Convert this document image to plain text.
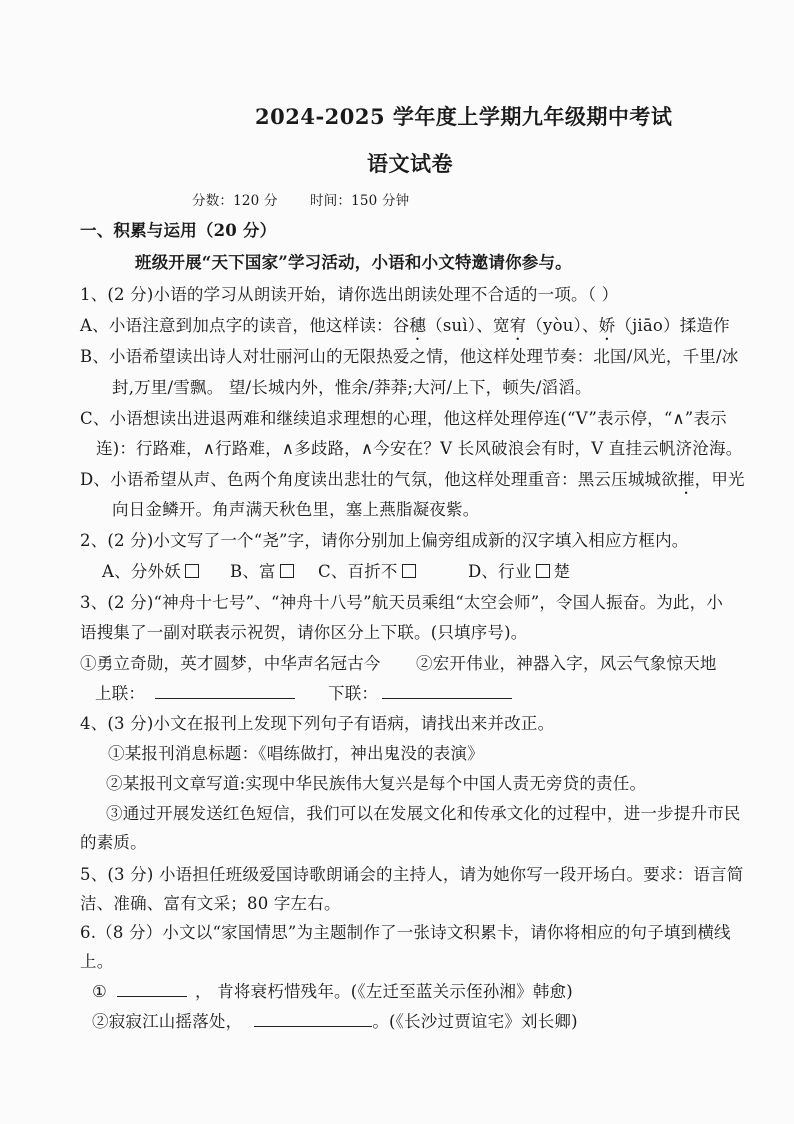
2024-2025 学年度上学期九年级期中考试
语文试卷
分数：120 分 时间：150 分钟
一、积累与运用（20 分）
班级开展“天下国家”学习活动，小语和小文特邀请你参与。
1、(2 分)小语的学习从朗读开始，请你选出朗读处理不合适的一项。（ ）
A、小语注意到加点字的读音，他这样读：谷穗（suì）、宽宥（yòu）、娇（jiāo）揉造作
B、小语希望读出诗人对壮丽河山的无限热爱之情，他这样处理节奏：北国/风光，千里/冰
封,万里/雪飘。 望/长城内外，惟余/莽莽;大河/上下，顿失/滔滔。
C、小语想读出进退两难和继续追求理想的心理，他这样处理停连(“V”表示停，“∧”表示
连)：行路难，∧行路难，∧多歧路，∧今安在？V 长风破浪会有时，V 直挂云帆济沧海。
D、小语希望从声、色两个角度读出悲壮的气氛，他这样处理重音：黑云压城城欲摧，甲光
向日金鳞开。角声满天秋色里，塞上燕脂凝夜紫。
2、(2 分)小文写了一个“尧”字，请你分别加上偏旁组成新的汉字填入相应方框内。
A、分外妖	B、富	C、百折不	D、行业 楚
3、(2 分)“神舟十七号”、“神舟十八号”航天员乘组“太空会师”，令国人振奋。为此，小
语搜集了一副对联表示祝贺，请你区分上下联。(只填序号)。
①勇立奇勋，英才圆梦，中华声名冠古今 ②宏开伟业，神器入字，风云气象惊天地
上联：	下联：
4、(3 分)小文在报刊上发现下列句子有语病，请找出来并改正。
①某报刊消息标题：《唱练做打，神出鬼没的表演》
②某报刊文章写道:实现中华民族伟大复兴是每个中国人责无旁贷的责任。
③通过开展发送红色短信，我们可以在发展文化和传承文化的过程中，进一步提升市民
的素质。
5、(3 分) 小语担任班级爱国诗歌朗诵会的主持人，请为她你写一段开场白。要求：语言简
洁、准确、富有文采；80 字左右。
6.（8 分）小文以“家国情思”为主题制作了一张诗文积累卡，请你将相应的句子填到横线
上。
①	， 肯将衰朽惜残年。(《左迁至蓝关示侄孙湘》韩愈)
②寂寂江山摇落处，	。(《长沙过贾谊宅》刘长卿)
